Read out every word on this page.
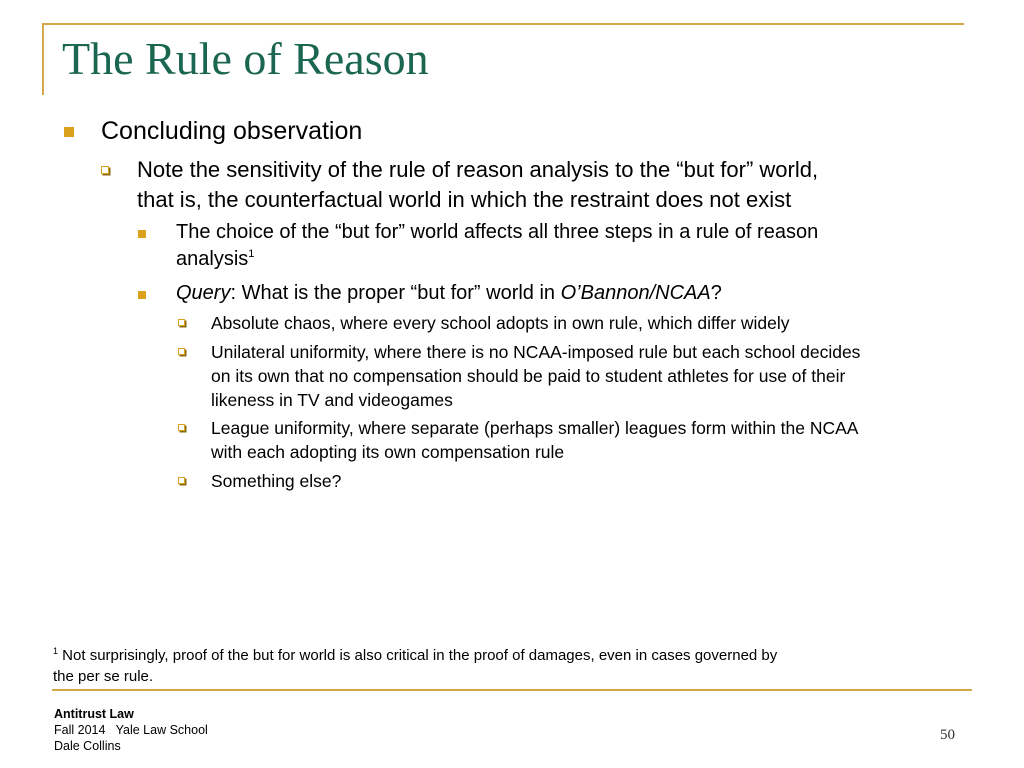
The Rule of Reason
Concluding observation
Note the sensitivity of the rule of reason analysis to the “but for” world,
that is, the counterfactual world in which the restraint does not exist
The choice of the “but for” world affects all three steps in a rule of reason
analysis$^1$
Query: What is the proper “but for” world in O’Bannon/NCAA?
Absolute chaos, where every school adopts in own rule, which differ widely
Unilateral uniformity, where there is no NCAA-imposed rule but each school decides
on its own that no compensation should be paid to student athletes for use of their
likeness in TV and videogames
League uniformity, where separate (perhaps smaller) leagues form within the NCAA
with each adopting its own compensation rule
Something else?
$^1$ Not surprisingly, proof of the but for world is also critical in the proof of damages, even in cases governed by
the per se rule.
Antitrust Law
Fall 2014   Yale Law School
Dale Collins
50
